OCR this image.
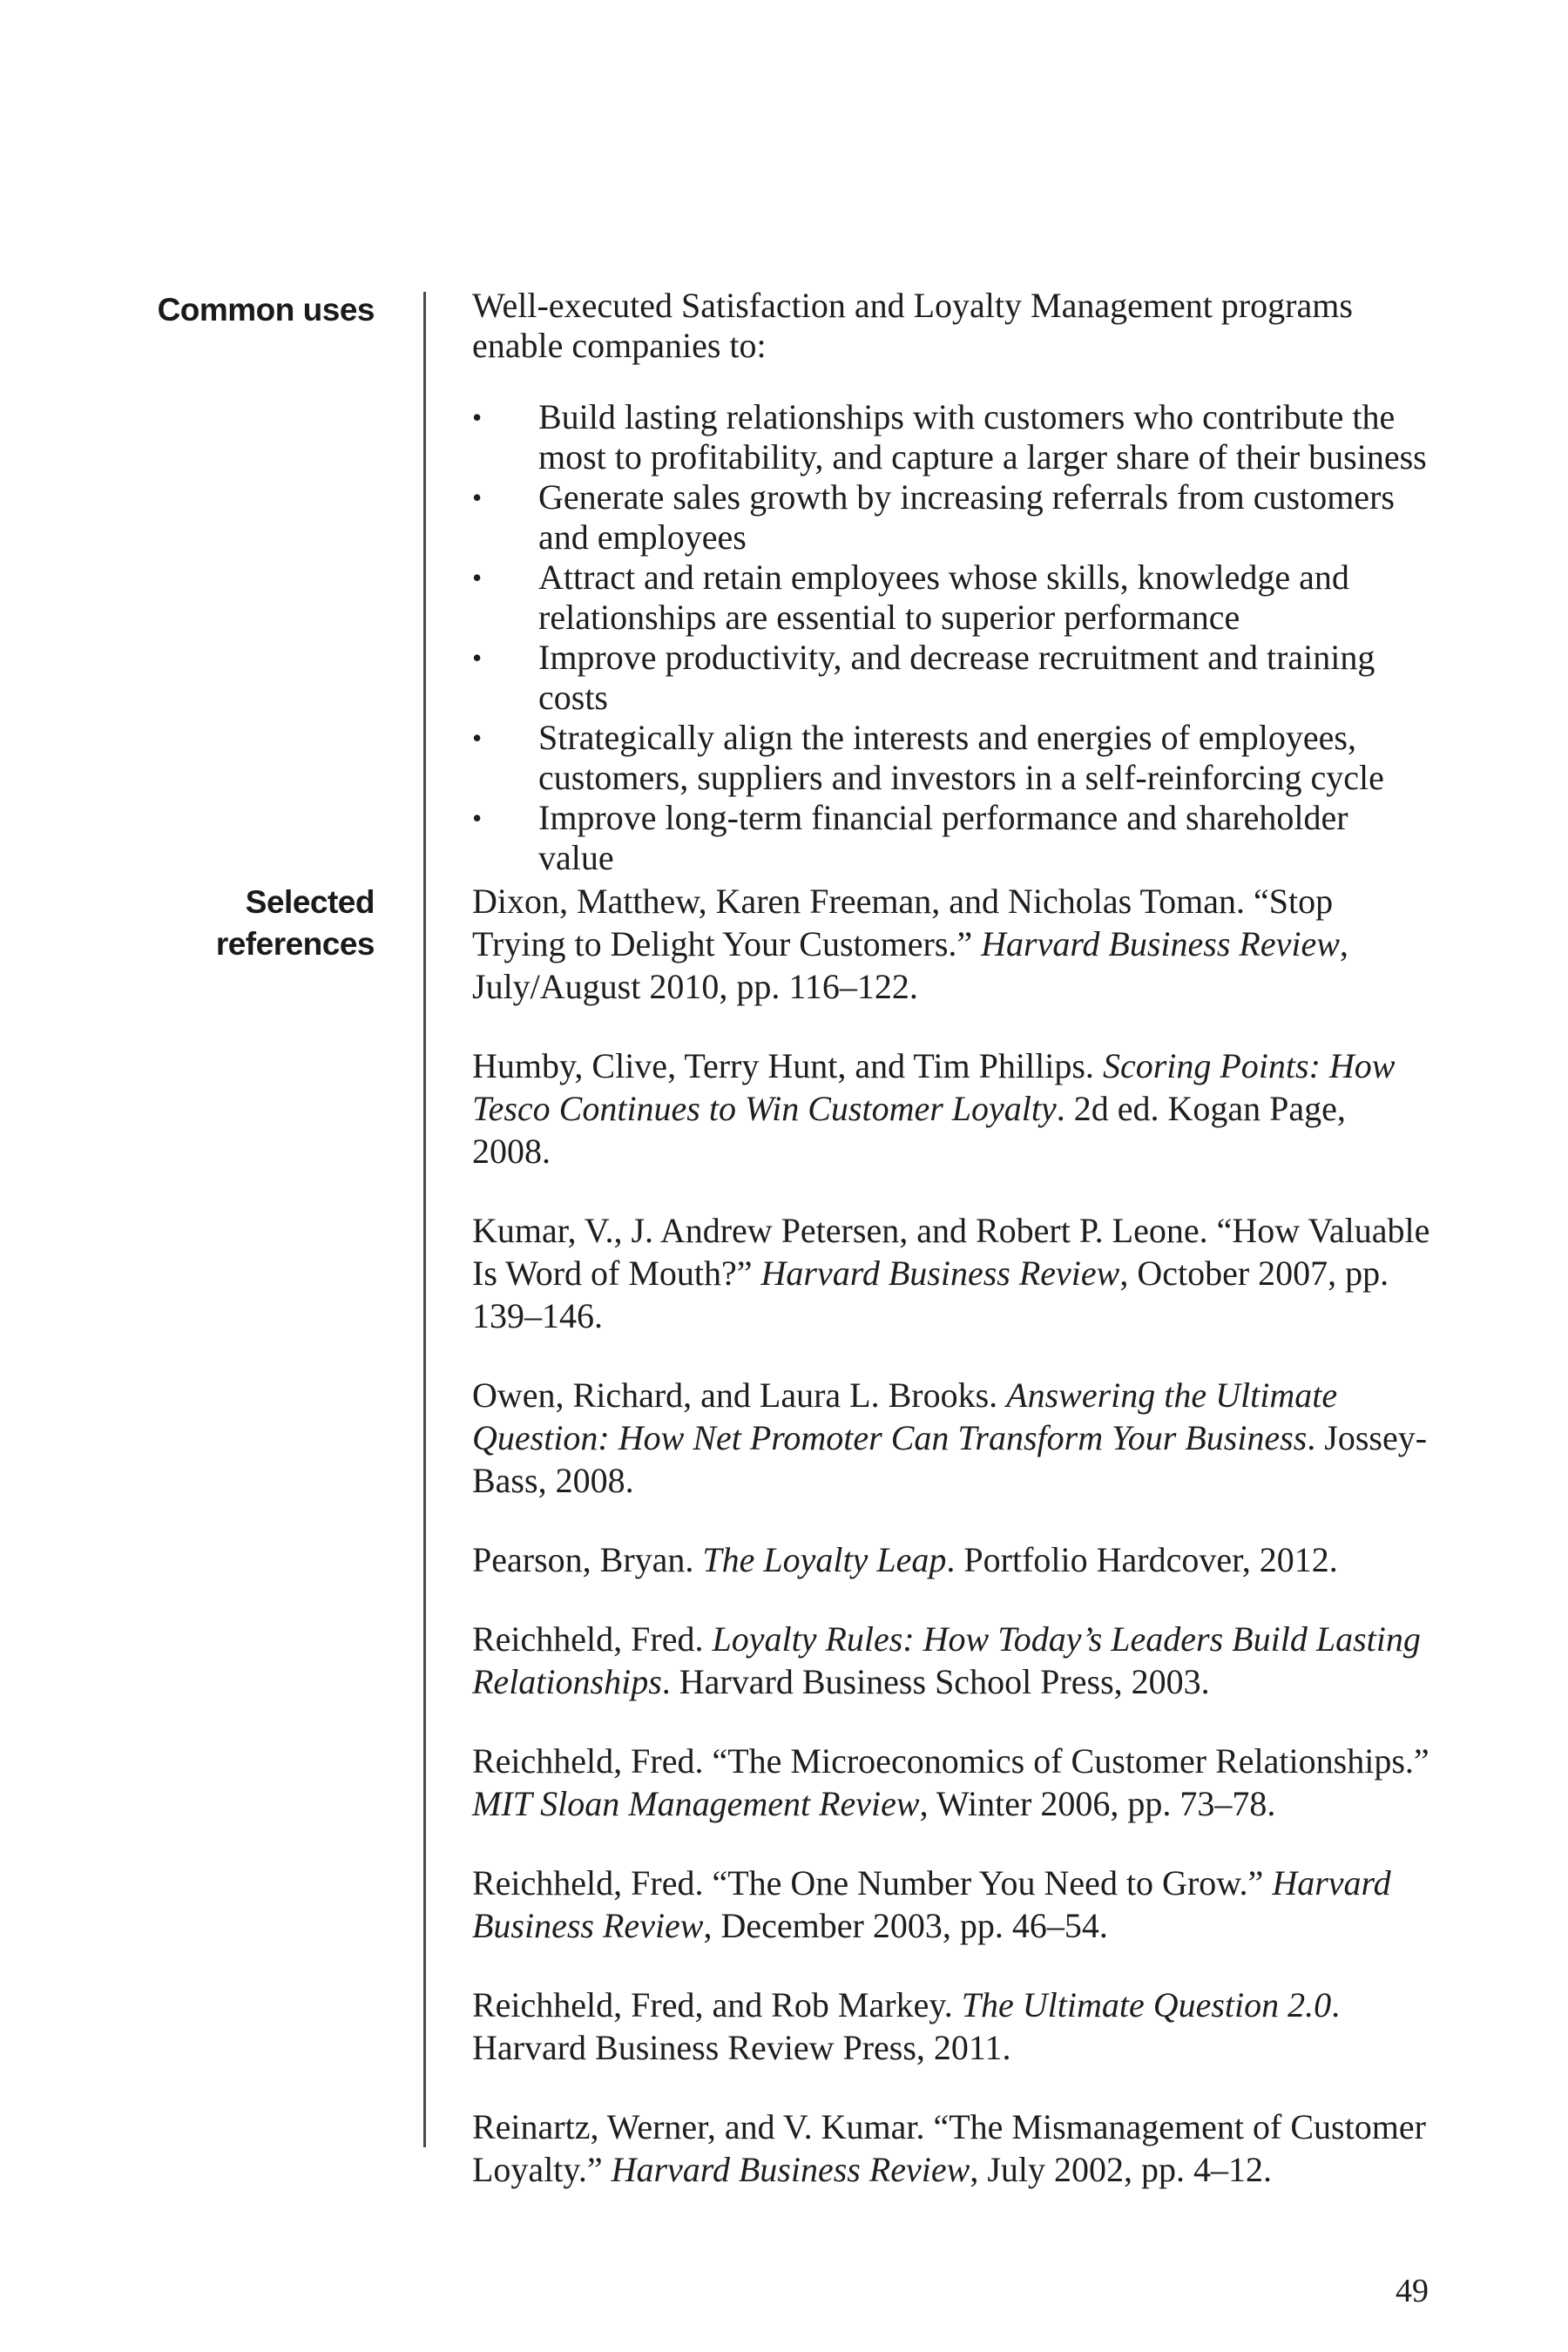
Common uses
Selected
references

Well-executed Satisfaction and Loyalty Management programs enable companies to:

• Build lasting relationships with customers who contribute the most to profitability, and capture a larger share of their business
• Generate sales growth by increasing referrals from customers and employees
• Attract and retain employees whose skills, knowledge and relationships are essential to superior performance
• Improve productivity, and decrease recruitment and training costs
• Strategically align the interests and energies of employees, customers, suppliers and investors in a self-reinforcing cycle
• Improve long-term financial performance and shareholder value

Dixon, Matthew, Karen Freeman, and Nicholas Toman. “Stop Trying to Delight Your Customers.” Harvard Business Review, July/August 2010, pp. 116–122.

Humby, Clive, Terry Hunt, and Tim Phillips. Scoring Points: How Tesco Continues to Win Customer Loyalty. 2d ed. Kogan Page, 2008.

Kumar, V., J. Andrew Petersen, and Robert P. Leone. “How Valuable Is Word of Mouth?” Harvard Business Review, October 2007, pp. 139–146.

Owen, Richard, and Laura L. Brooks. Answering the Ultimate Question: How Net Promoter Can Transform Your Business. Jossey-Bass, 2008.

Pearson, Bryan. The Loyalty Leap. Portfolio Hardcover, 2012.

Reichheld, Fred. Loyalty Rules: How Today’s Leaders Build Lasting Relationships. Harvard Business School Press, 2003.

Reichheld, Fred. “The Microeconomics of Customer Relationships.” MIT Sloan Management Review, Winter 2006, pp. 73–78.

Reichheld, Fred. “The One Number You Need to Grow.” Harvard Business Review, December 2003, pp. 46–54.

Reichheld, Fred, and Rob Markey. The Ultimate Question 2.0. Harvard Business Review Press, 2011.

Reinartz, Werner, and V. Kumar. “The Mismanagement of Customer Loyalty.” Harvard Business Review, July 2002, pp. 4–12.

49
